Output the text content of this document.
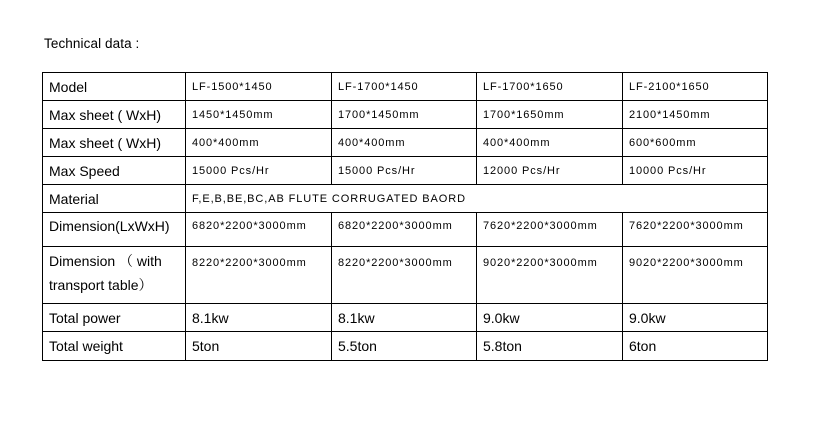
Technical data :
Model	LF-1500*1450	LF-1700*1450	LF-1700*1650	LF-2100*1650
Max sheet ( WxH)	1450*1450mm	1700*1450mm	1700*1650mm	2100*1450mm
Max sheet ( WxH)	400*400mm	400*400mm	400*400mm	600*600mm
Max Speed	15000 Pcs/Hr	15000 Pcs/Hr	12000 Pcs/Hr	10000 Pcs/Hr
Material	F,E,B,BE,BC,AB FLUTE CORRUGATED BAORD			
Dimension(LxWxH)	6820*2200*3000mm	6820*2200*3000mm	7620*2200*3000mm	7620*2200*3000mm
Dimension （ with transport table）	8220*2200*3000mm	8220*2200*3000mm	9020*2200*3000mm	9020*2200*3000mm
Total power	8.1kw	8.1kw	9.0kw	9.0kw
Total weight	5ton	5.5ton	5.8ton	6ton
